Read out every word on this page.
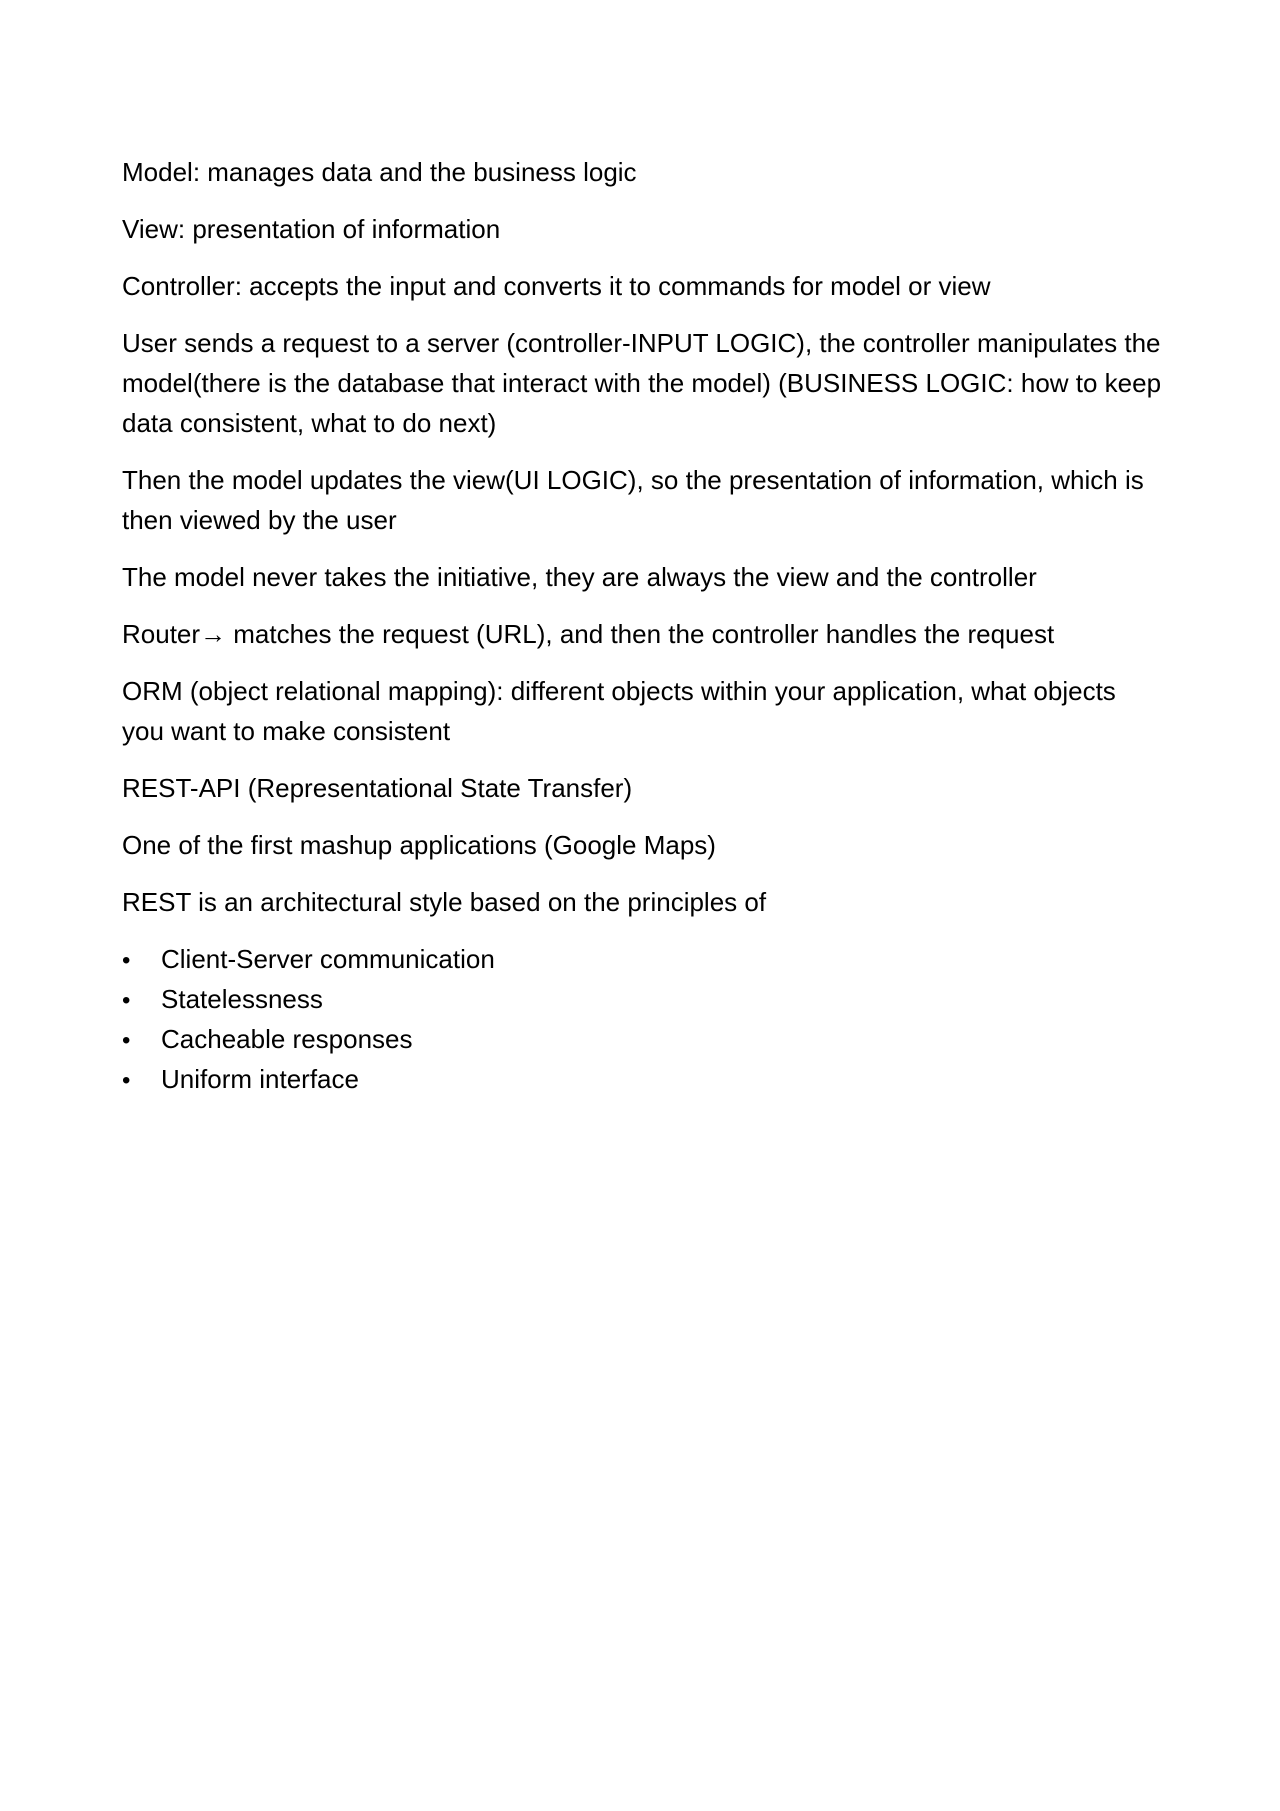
Model: manages data and the business logic

View: presentation of information

Controller: accepts the input and converts it to commands for model or view

User sends a request to a server (controller-INPUT LOGIC), the controller manipulates the model(there is the database that interact with the model) (BUSINESS LOGIC: how to keep data consistent, what to do next)

Then the model updates the view(UI LOGIC), so the presentation of information, which is then viewed by the user

The model never takes the initiative, they are always the view and the controller

Router→ matches the request (URL), and then the controller handles the request

ORM (object relational mapping): different objects within your application, what objects you want to make consistent

REST-API (Representational State Transfer)

One of the first mashup applications (Google Maps)

REST is an architectural style based on the principles of

•	Client-Server communication
•	Statelessness
•	Cacheable responses
•	Uniform interface
